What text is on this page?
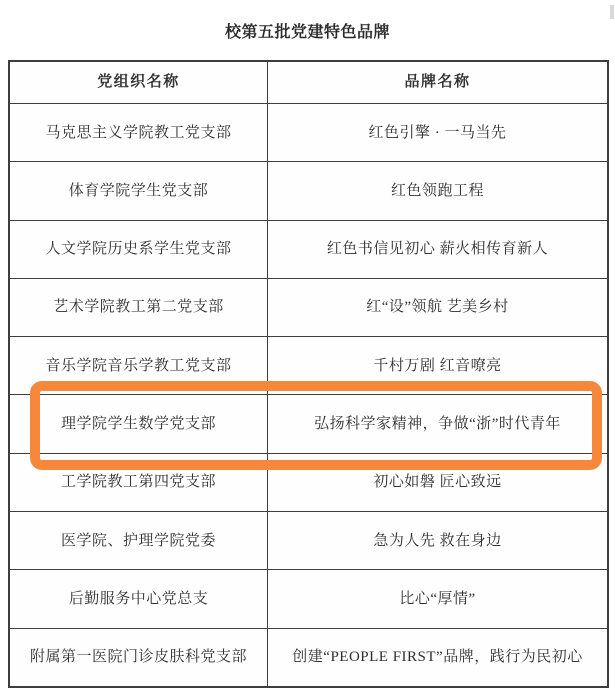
校第五批党建特色品牌
党组织名称	品牌名称
马克思主义学院教工党支部	红色引擎 · 一马当先
体育学院学生党支部	红色领跑工程
人文学院历史系学生党支部	红色书信见初心 薪火相传育新人
艺术学院教工第二党支部	红“设”领航 艺美乡村
音乐学院音乐学教工党支部	千村万剧 红音嘹亮
理学院学生数学党支部	弘扬科学家精神，争做“浙”时代青年
工学院教工第四党支部	初心如磐 匠心致远
医学院、护理学院党委	急为人先 救在身边
后勤服务中心党总支	比心“厚情”
附属第一医院门诊皮肤科党支部	创建“PEOPLE FIRST”品牌，践行为民初心
